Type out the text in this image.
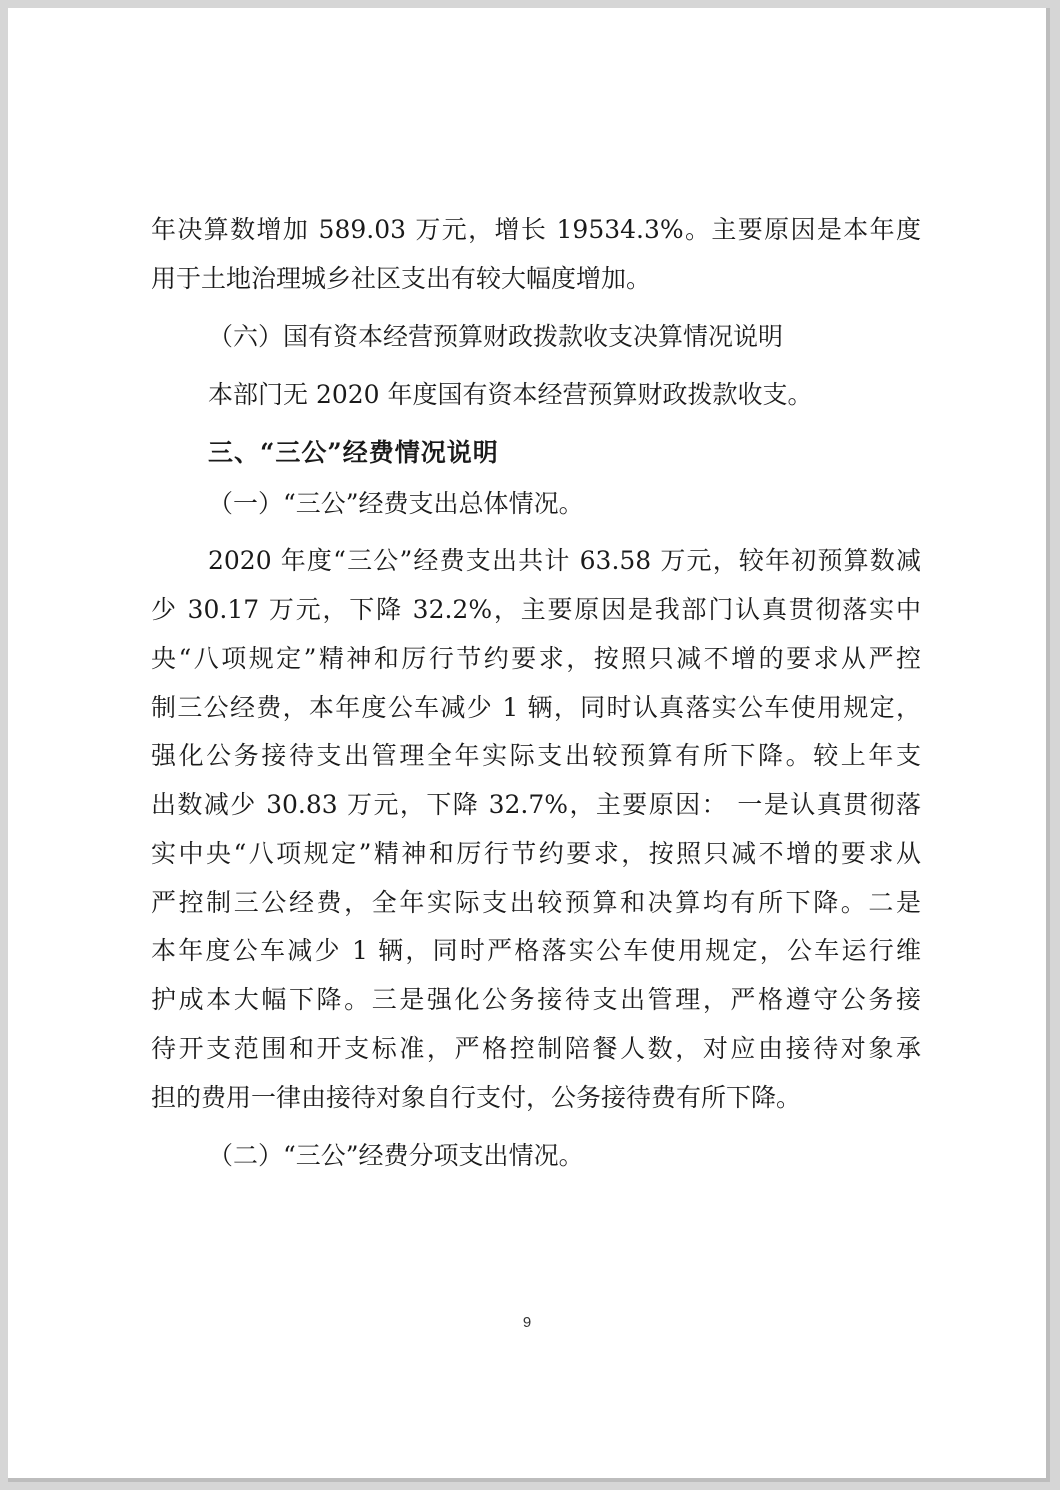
年决算数增加 589.03 万元，增长 19534.3%。主要原因是本年度
用于土地治理城乡社区支出有较大幅度增加。
（六）国有资本经营预算财政拨款收支决算情况说明
本部门无 2020 年度国有资本经营预算财政拨款收支。
三、“三公”经费情况说明
（一）“三公”经费支出总体情况。
2020 年度“三公”经费支出共计 63.58 万元，较年初预算数减
少 30.17 万元，下降 32.2%，主要原因是我部门认真贯彻落实中
央“八项规定”精神和厉行节约要求，按照只减不增的要求从严控
制三公经费，本年度公车减少 1 辆，同时认真落实公车使用规定，
强化公务接待支出管理全年实际支出较预算有所下降。较上年支
出数减少 30.83 万元，下降 32.7%，主要原因： 一是认真贯彻落
实中央“八项规定”精神和厉行节约要求，按照只减不增的要求从
严控制三公经费，全年实际支出较预算和决算均有所下降。二是
本年度公车减少 1 辆，同时严格落实公车使用规定，公车运行维
护成本大幅下降。三是强化公务接待支出管理，严格遵守公务接
待开支范围和开支标准，严格控制陪餐人数，对应由接待对象承
担的费用一律由接待对象自行支付，公务接待费有所下降。
（二）“三公”经费分项支出情况。
9
